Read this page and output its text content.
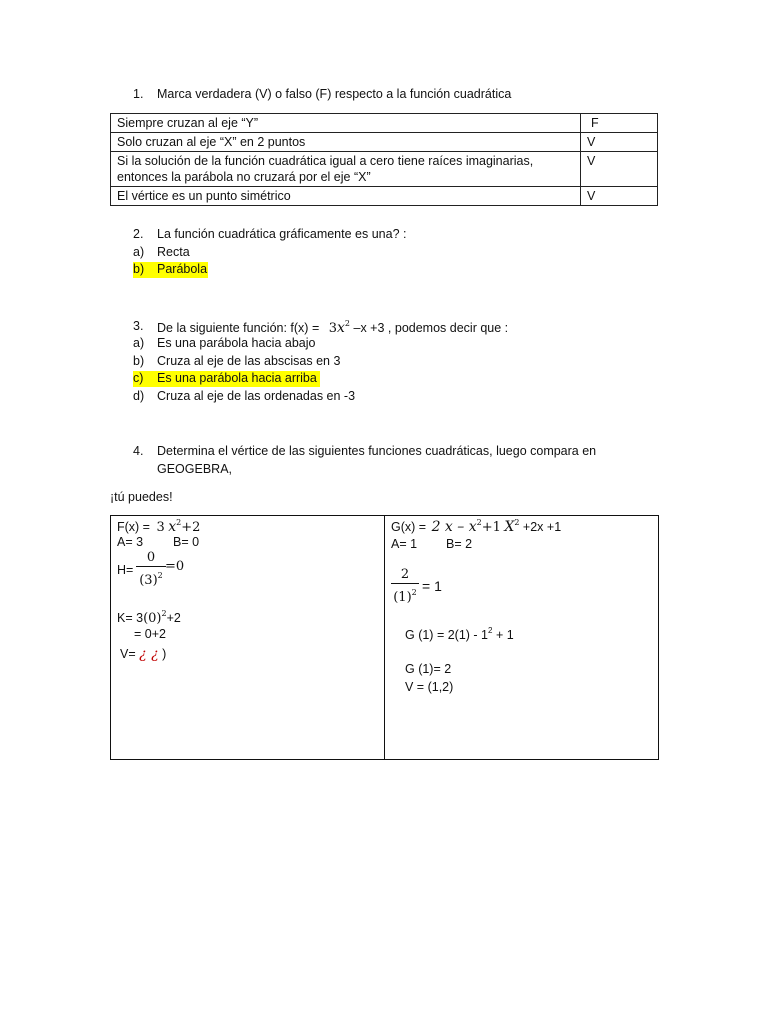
1. Marca verdadera (V) o falso (F) respecto a la función cuadrática
Siempre cruzan al eje “Y”	F
Solo cruzan al eje “X” en 2 puntos	V

Si la solución de la función cuadrática igual a cero tiene raíces imaginarias,
entonces la parábola no cruzará por el eje “X”	V
El vértice es un punto simétrico	V
2. La función cuadrática gráficamente es una? :
a) Recta
b) Parábola
3. De la siguiente función: $f(x) = 3x^2$ –x +3 , podemos decir que :
a) Es una parábola hacia abajo
b) Cruza al eje de las abscisas en 3
c) Es una parábola hacia arriba
d) Cruza al eje de las ordenadas en -3
4. Determina el vértice de las siguientes funciones cuadráticas, luego compara en
GEOGEBRA,
¡tú puedes!
F(x) = 3 $x^2+2$
A= 3 B= 0
$H= \frac{0}{(3)^2} =0$
$K= 3(0)^2+2$
= 0+2
V= ¿ ¿ )
G(x) = 2 $x - x^2+1$ $X^2 +2x +1$
A= 1 B= 2
$\frac{2}{(1)^2} = 1$
G $(1) = 2(1) - 1^2 + 1$
G (1)= 2
V = (1,2)
